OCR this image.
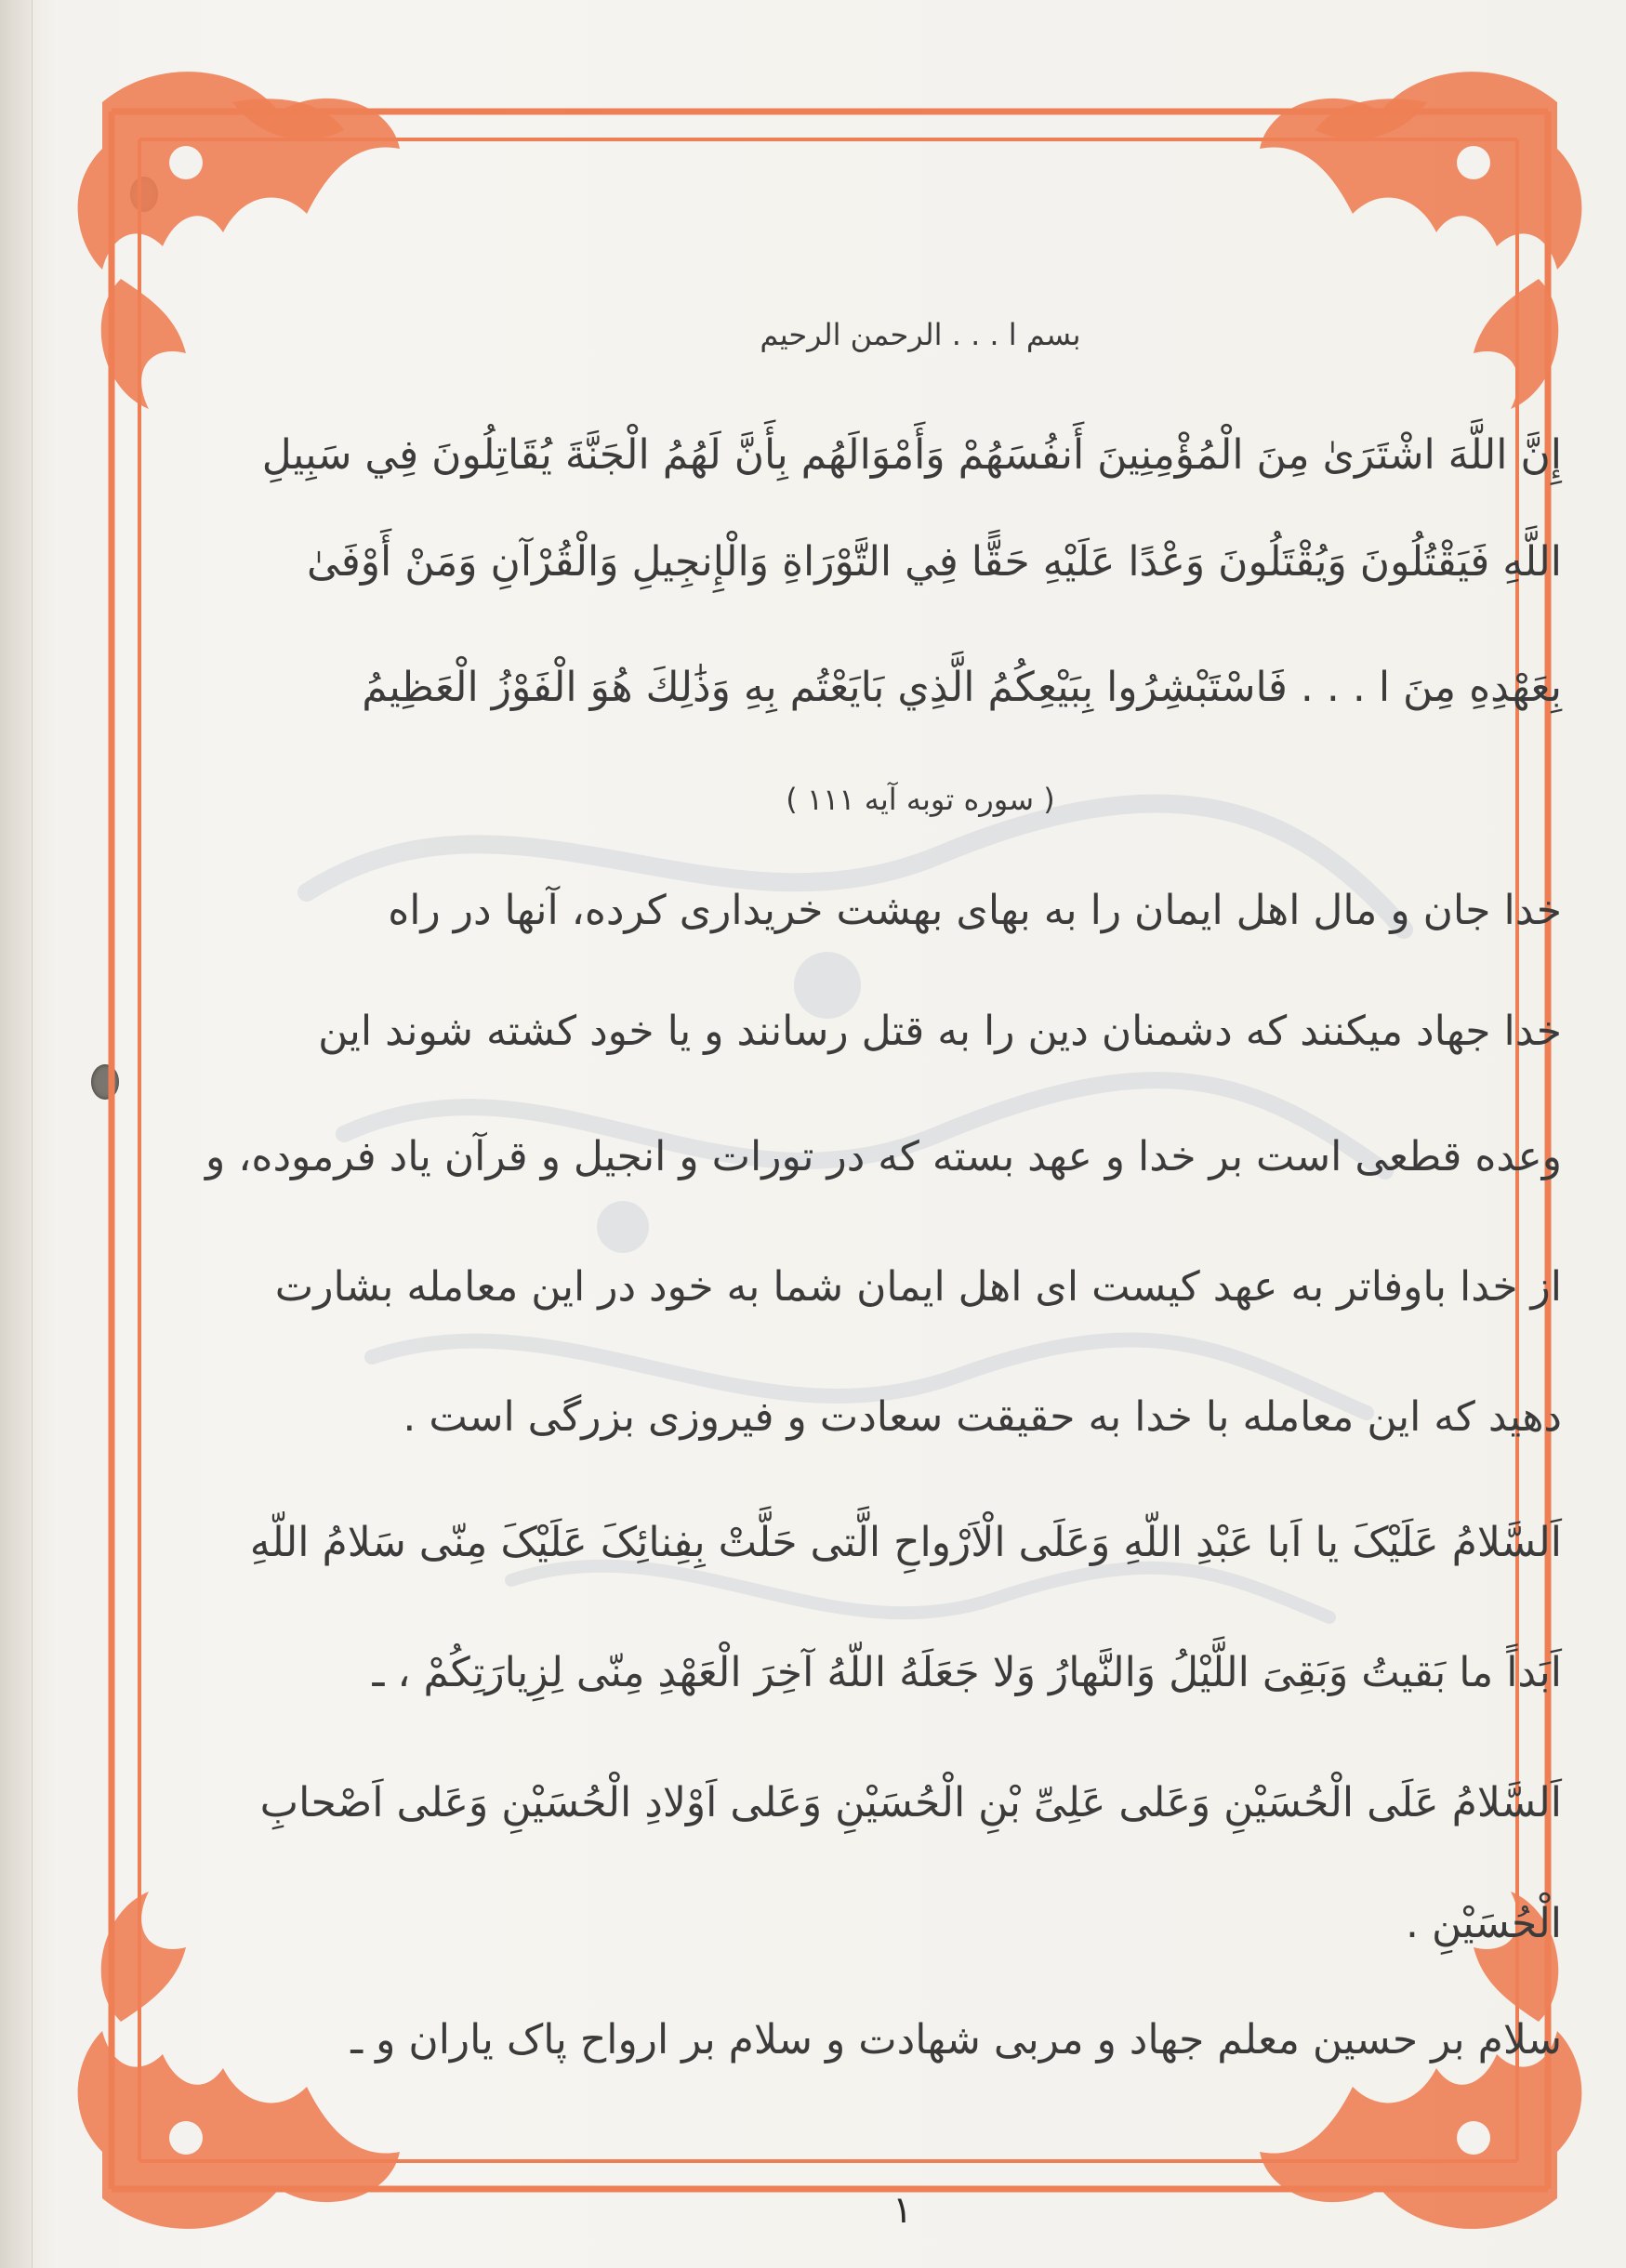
بسم ا . . . الرحمن الرحیم
إِنَّ اللَّهَ اشْتَرَىٰ مِنَ الْمُؤْمِنِينَ أَنفُسَهُمْ وَأَمْوَالَهُم بِأَنَّ لَهُمُ الْجَنَّةَ يُقَاتِلُونَ فِي سَبِيلِ
اللَّهِ فَيَقْتُلُونَ وَيُقْتَلُونَ وَعْدًا عَلَيْهِ حَقًّا فِي التَّوْرَاةِ وَالْإِنجِيلِ وَالْقُرْآنِ وَمَنْ أَوْفَىٰ
بِعَهْدِهِ مِنَ ا . . . فَاسْتَبْشِرُوا بِبَيْعِكُمُ الَّذِي بَايَعْتُم بِهِ وَذَٰلِكَ هُوَ الْفَوْزُ الْعَظِيمُ
( سوره توبه آیه ۱۱۱ )
خدا جان و مال اهل ایمان را به بهای بهشت خریداری کرده، آنها در راه
خدا جهاد میکنند که دشمنان دین را به قتل رسانند و یا خود کشته شوند این
وعده قطعی است بر خدا و عهد بسته که در تورات و انجیل و قرآن یاد فرموده، و
از خدا باوفاتر به عهد کیست ای اهل ایمان شما به خود در این معامله بشارت
دهید که این معامله با خدا به حقیقت سعادت و فیروزی بزرگی است .
اَلسَّلامُ عَلَیْکَ یا اَبا عَبْدِ اللّهِ وَعَلَی الْاَرْواحِ الَّتی حَلَّتْ بِفِنائِکَ عَلَیْکَ مِنّی سَلامُ اللّهِ
اَبَداً ما بَقیتُ وَبَقِیَ اللَّیْلُ وَالنَّهارُ وَلا جَعَلَهُ اللّهُ آخِرَ الْعَهْدِ مِنّی لِزِیارَتِکُمْ ، ـ
اَلسَّلامُ عَلَی الْحُسَیْنِ وَعَلی عَلِیِّ بْنِ الْحُسَیْنِ وَعَلی اَوْلادِ الْحُسَیْنِ وَعَلی اَصْحابِ
الْحُسَیْنِ .
سلام بر حسین معلم جهاد و مربی شهادت و سلام بر ارواح پاک یاران و ـ
۱
